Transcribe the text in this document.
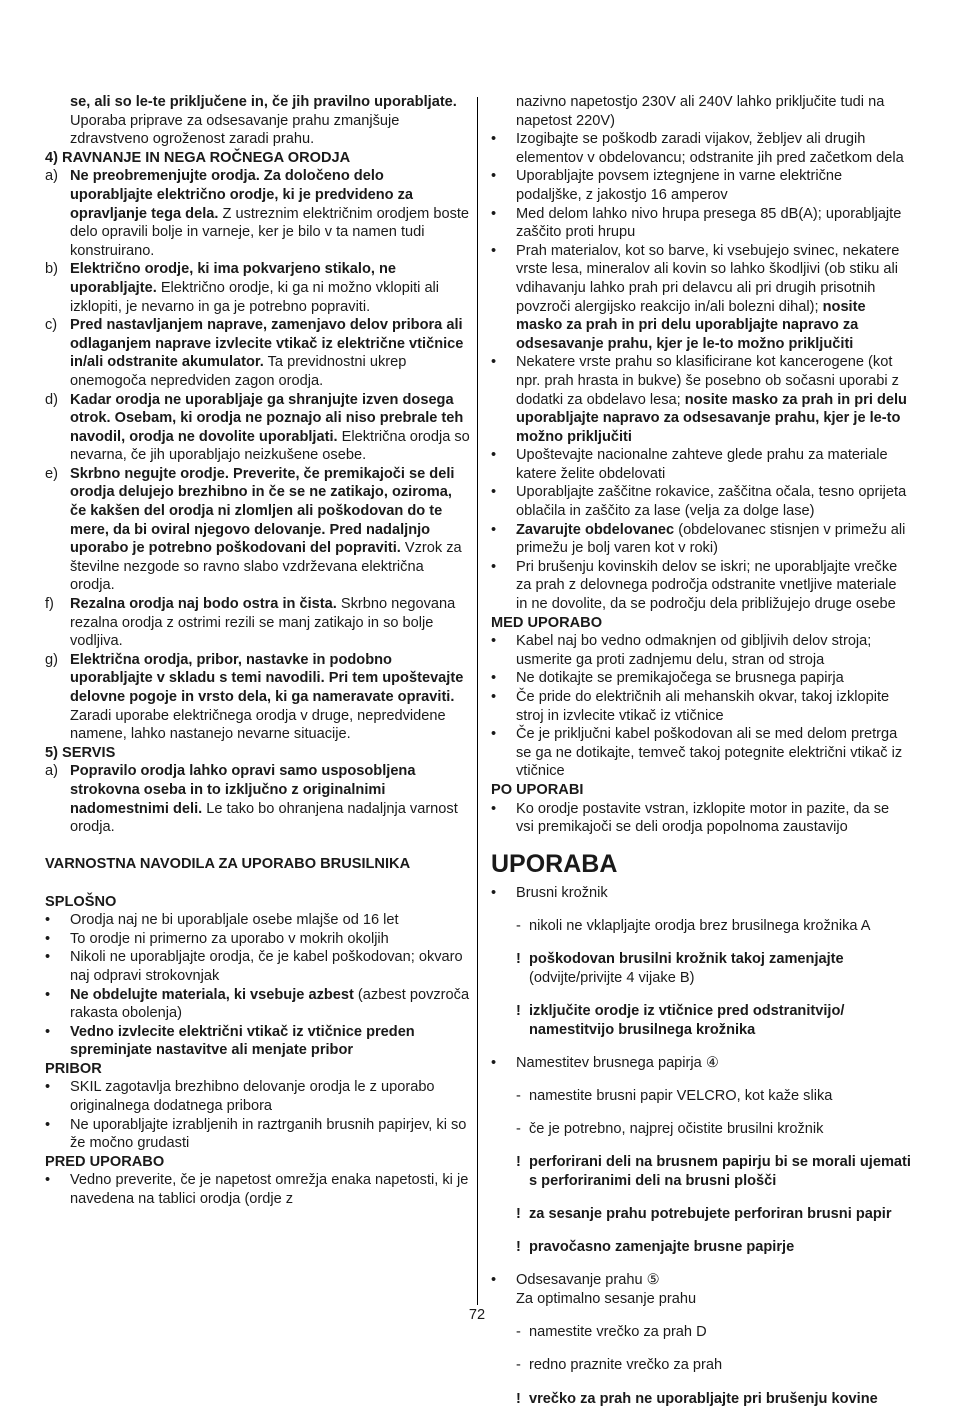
se, ali so le-te priključene in, če jih pravilno uporabljate. Uporaba priprave za odsesavanje prahu zmanjšuje zdravstveno ogroženost zaradi prahu.

4) RAVNANJE IN NEGA ROČNEGA ORODJA

a) Ne preobremenjujte orodja. Za določeno delo uporabljajte električno orodje, ki je predvideno za opravljanje tega dela. Z ustreznim električnim orodjem boste delo opravili bolje in varneje, ker je bilo v ta namen tudi konstruirano.

b) Električno orodje, ki ima pokvarjeno stikalo, ne uporabljajte. Električno orodje, ki ga ni možno vklopiti ali izklopiti, je nevarno in ga je potrebno popraviti.

c) Pred nastavljanjem naprave, zamenjavo delov pribora ali odlaganjem naprave izvlecite vtikač iz električne vtičnice in/ali odstranite akumulator. Ta previdnostni ukrep onemogoča nepredviden zagon orodja.

d) Kadar orodja ne uporabljaje ga shranjujte izven dosega otrok. Osebam, ki orodja ne poznajo ali niso prebrale teh navodil, orodja ne dovolite uporabljati. Električna orodja so nevarna, če jih uporabljajo neizkušene osebe.

e) Skrbno negujte orodje. Preverite, če premikajoči se deli orodja delujejo brezhibno in če se ne zatikajo, oziroma, če kakšen del orodja ni zlomljen ali poškodovan do te mere, da bi oviral njegovo delovanje. Pred nadaljnjo uporabo je potrebno poškodovani del popraviti. Vzrok za številne nezgode so ravno slabo vzdrževana električna orodja.

f) Rezalna orodja naj bodo ostra in čista. Skrbno negovana rezalna orodja z ostrimi rezili se manj zatikajo in so bolje vodljiva.

g) Električna orodja, pribor, nastavke in podobno uporabljajte v skladu s temi navodili. Pri tem upoštevajte delovne pogoje in vrsto dela, ki ga nameravate opraviti. Zaradi uporabe električnega orodja v druge, nepredvidene namene, lahko nastanejo nevarne situacije.

5) SERVIS

a) Popravilo orodja lahko opravi samo usposobljena strokovna oseba in to izključno z originalnimi nadomestnimi deli. Le tako bo ohranjena nadaljnja varnost orodja.

VARNOSTNA NAVODILA ZA UPORABO BRUSILNIKA

SPLOŠNO

• Orodja naj ne bi uporabljale osebe mlajše od 16 let

• To orodje ni primerno za uporabo v mokrih okoljih

• Nikoli ne uporabljajte orodja, če je kabel poškodovan; okvaro naj odpravi strokovnjak

• Ne obdelujte materiala, ki vsebuje azbest (azbest povzroča rakasta obolenja)

• Vedno izvlecite električni vtikač iz vtičnice preden spreminjate nastavitve ali menjate pribor

PRIBOR

• SKIL zagotavlja brezhibno delovanje orodja le z uporabo originalnega dodatnega pribora

• Ne uporabljajte izrabljenih in raztrganih brusnih papirjev, ki so že močno grudasti

PRED UPORABO

• Vedno preverite, če je napetost omrežja enaka napetosti, ki je navedena na tablici orodja (ordje z

nazivno napetostjo 230V ali 240V lahko priključite tudi na napetost 220V)

• Izogibajte se poškodb zaradi vijakov, žebljev ali drugih elementov v obdelovancu; odstranite jih pred začetkom dela

• Uporabljajte povsem iztegnjene in varne električne podaljške, z jakostjo 16 amperov

• Med delom lahko nivo hrupa presega 85 dB(A); uporabljajte zaščito proti hrupu

• Prah materialov, kot so barve, ki vsebujejo svinec, nekatere vrste lesa, mineralov ali kovin so lahko škodljivi (ob stiku ali vdihavanju lahko prah pri delavcu ali pri drugih prisotnih povzroči alergijsko reakcijo in/ali bolezni dihal); nosite masko za prah in pri delu uporabljajte napravo za odsesavanje prahu, kjer je le-to možno priključiti

• Nekatere vrste prahu so klasificirane kot kancerogene (kot npr. prah hrasta in bukve) še posebno ob sočasni uporabi z dodatki za obdelavo lesa; nosite masko za prah in pri delu uporabljajte napravo za odsesavanje prahu, kjer je le-to možno priključiti

• Upoštevajte nacionalne zahteve glede prahu za materiale katere želite obdelovati

• Uporabljajte zaščitne rokavice, zaščitna očala, tesno oprijeta oblačila in zaščito za lase (velja za dolge lase)

• Zavarujte obdelovanec (obdelovanec stisnjen v primežu ali primežu je bolj varen kot v roki)

• Pri brušenju kovinskih delov se iskri; ne uporabljajte vrečke za prah z delovnega področja odstranite vnetljive materiale in ne dovolite, da se področju dela približujejo druge osebe

MED UPORABO

• Kabel naj bo vedno odmaknjen od gibljivih delov stroja; usmerite ga proti zadnjemu delu, stran od stroja

• Ne dotikajte se premikajočega se brusnega papirja

• Če pride do električnih ali mehanskih okvar, takoj izklopite stroj in izvlecite vtikač iz vtičnice

• Če je priključni kabel poškodovan ali se med delom pretrga se ga ne dotikajte, temveč takoj potegnite električni vtikač iz vtičnice

PO UPORABI

• Ko orodje postavite vstran, izklopite motor in pazite, da se vsi premikajoči se deli orodja popolnoma zaustavijo

UPORABA

• Brusni krožnik

- nikoli ne vklapljajte orodja brez brusilnega krožnika A

! poškodovan brusilni krožnik takoj zamenjajte
(odvijte/privijte 4 vijake B)

! izključite orodje iz vtičnice pred odstranitvijo/ namestitvijo brusilnega krožnika

• Namestitev brusnega papirja ④

- namestite brusni papir VELCRO, kot kaže slika

- če je potrebno, najprej očistite brusilni krožnik

! perforirani deli na brusnem papirju bi se morali ujemati s perforiranimi deli na brusni plošči

! za sesanje prahu potrebujete perforiran brusni papir

! pravočasno zamenjajte brusne papirje

• Odsesavanje prahu ⑤

Za optimalno sesanje prahu

- namestite vrečko za prah D

- redno praznite vrečko za prah

! vrečko za prah ne uporabljajte pri brušenju kovine

72
